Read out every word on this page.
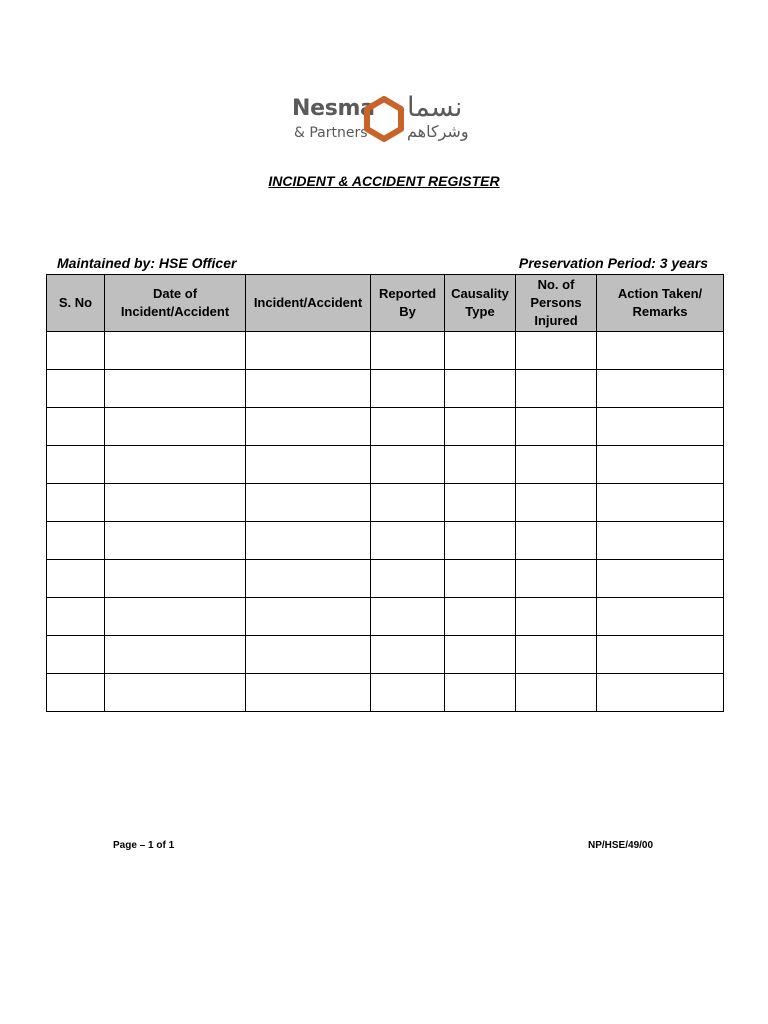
Nesma
& Partners
نسما
وشركاهم
INCIDENT & ACCIDENT REGISTER
Maintained by: HSE Officer	Preservation Period: 3 years
S. No	Date of Incident/Accident	Incident/Accident	Reported By	Causality Type	No. of Persons Injured	Action Taken/ Remarks

Page – 1 of 1	NP/HSE/49/00
